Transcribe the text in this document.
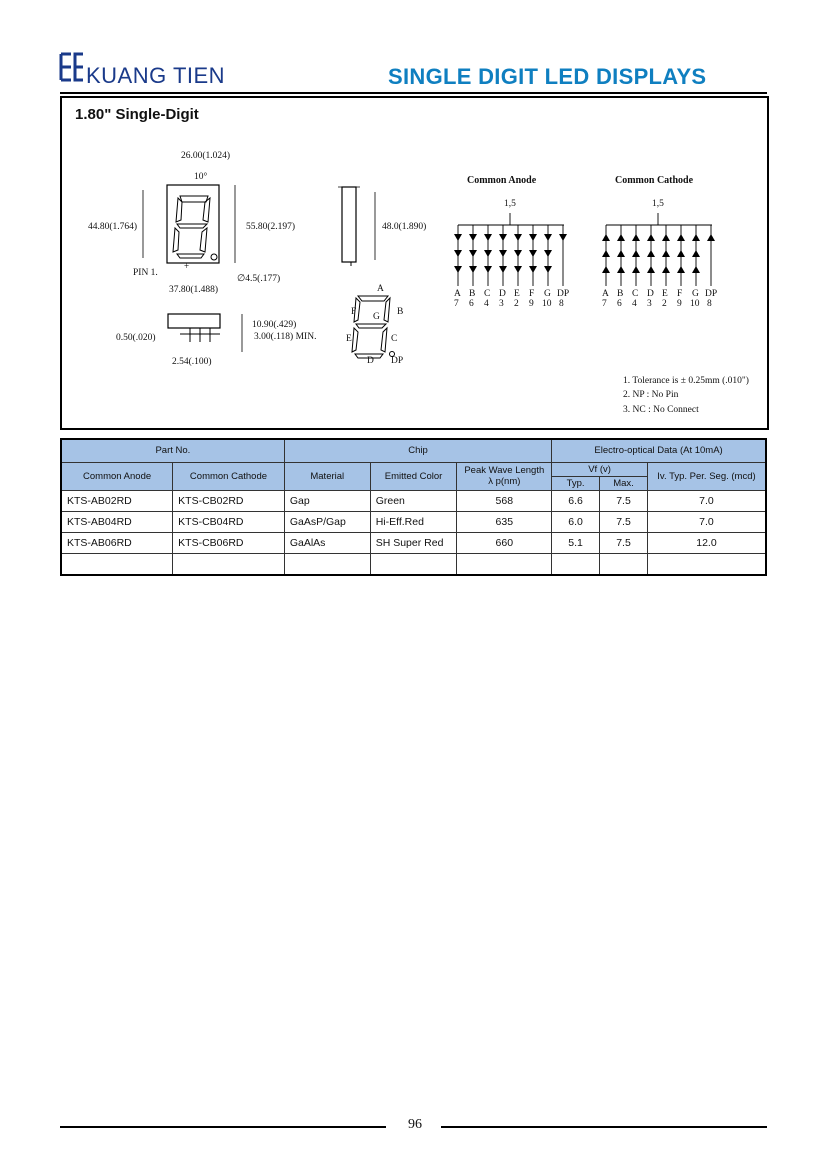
KUANG TIEN	SINGLE DIGIT LED DISPLAYS
1.80" Single-Digit
+
26.00(1.024)
10°
44.80(1.764)	55.80(2.197)
PIN 1.
∅4.5(.177)
37.80(1.488)
48.0(1.890)
0.50(.020)
10.90(.429)
3.00(.118) MIN.
2.54(.100)
A
B
C
D
E
F G
DP
Common Anode	Common Cathode
1,5	1,5
A B C D E F G DP
7 6 4 3 2 9 10 8
A B C D E F G DP
7 6 4 3 2 9 10 8
1. Tolerance is ± 0.25mm (.010")
2. NP : No Pin
3. NC : No Connect
Part No.		Chip			Electro-optical Data (At 10mA)		
Common Anode	Common Cathode	Material	Emitted Color	Peak Wave Length
λ p(nm)	Vf (v)		Iv. Typ. Per. Seg. (mcd)
					Typ.	Max.	
KTS-AB02RD	KTS-CB02RD	Gap	Green	568	6.6	7.5	7.0
KTS-AB04RD	KTS-CB04RD	GaAsP/Gap	Hi-Eff.Red	635	6.0	7.5	7.0
KTS-AB06RD	KTS-CB06RD	GaAlAs	SH Super Red	660	5.1	7.5	12.0

96
